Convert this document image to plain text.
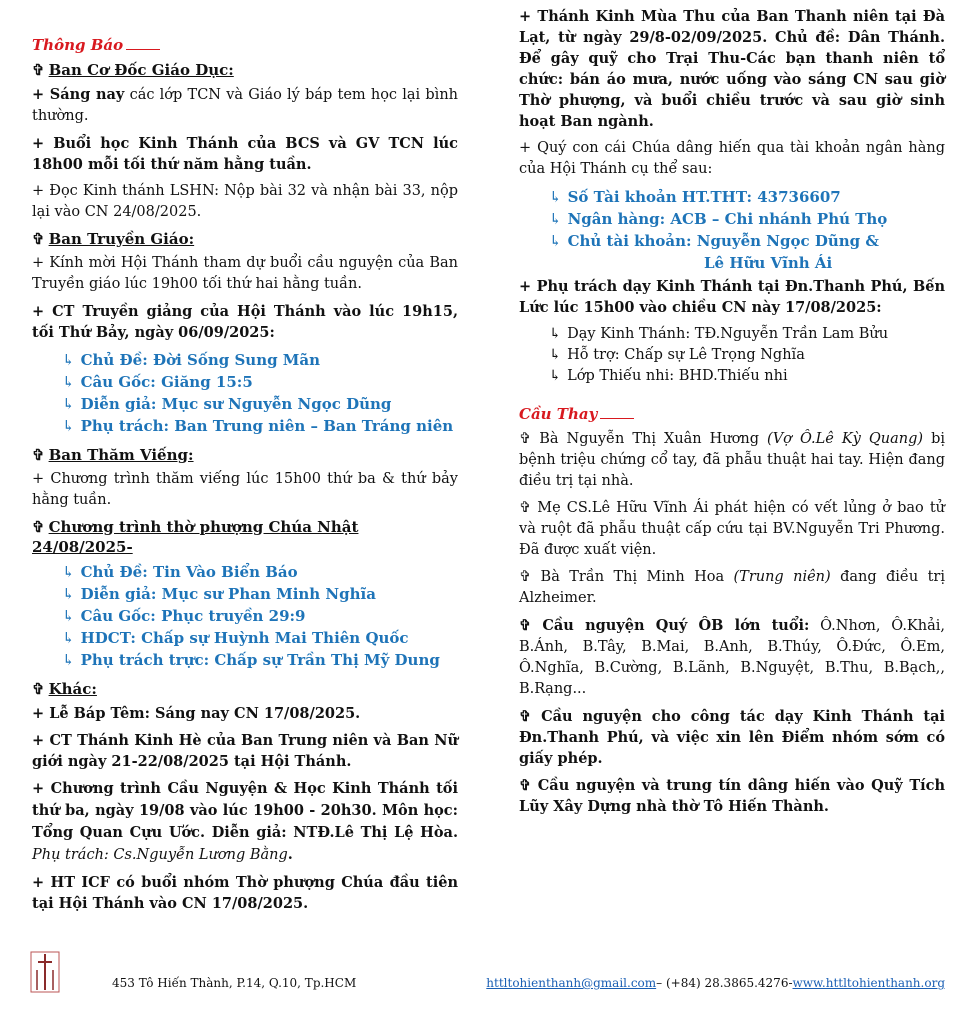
Thông Báo
✞ Ban Cơ Đốc Giáo Dục:

+ Sáng nay các lớp TCN và Giáo lý báp tem học lại bình thường.

+ Buổi học Kinh Thánh của BCS và GV TCN lúc 18h00 mỗi tối thứ năm hằng tuần.

+ Đọc Kinh thánh LSHN: Nộp bài 32 và nhận bài 33, nộp lại vào CN 24/08/2025.

✞ Ban Truyền Giáo:

+ Kính mời Hội Thánh tham dự buổi cầu nguyện của Ban Truyền giáo lúc 19h00 tối thứ hai hằng tuần.

+ CT Truyền giảng của Hội Thánh vào lúc 19h15, tối Thứ Bảy, ngày 06/09/2025:

↳ Chủ Đề: Đời Sống Sung Mãn
↳ Câu Gốc: Giăng 15:5
↳ Diễn giả: Mục sư Nguyễn Ngọc Dũng
↳ Phụ trách: Ban Trung niên – Ban Tráng niên
✞ Ban Thăm Viếng:

+ Chương trình thăm viếng lúc 15h00 thứ ba & thứ bảy hằng tuần.

✞ Chương trình thờ phượng Chúa Nhật 24/08/2025-
↳ Chủ Đề: Tin Vào Biển Báo
↳ Diễn giả: Mục sư Phan Minh Nghĩa
↳ Câu Gốc: Phục truyền 29:9
↳ HDCT: Chấp sự Huỳnh Mai Thiên Quốc
↳ Phụ trách trực: Chấp sự Trần Thị Mỹ Dung
✞ Khác:

+ Lễ Báp Têm: Sáng nay CN 17/08/2025.

+ CT Thánh Kinh Hè của Ban Trung niên và Ban Nữ giới ngày 21-22/08/2025 tại Hội Thánh.

+ Chương trình Cầu Nguyện & Học Kinh Thánh tối thứ ba, ngày 19/08 vào lúc 19h00 - 20h30. Môn học: Tổng Quan Cựu Ước. Diễn giả: NTĐ.Lê Thị Lệ Hòa. Phụ trách: Cs.Nguyễn Lương Bằng.

+ HT ICF có buổi nhóm Thờ phượng Chúa đầu tiên tại Hội Thánh vào CN 17/08/2025.

+ Thánh Kinh Mùa Thu của Ban Thanh niên tại Đà Lạt, từ ngày 29/8-02/09/2025. Chủ đề: Dân Thánh. Để gây quỹ cho Trại Thu-Các bạn thanh niên tổ chức: bán áo mưa, nước uống vào sáng CN sau giờ Thờ phượng, và buổi chiều trước và sau giờ sinh hoạt Ban ngành.

+ Quý con cái Chúa dâng hiến qua tài khoản ngân hàng của Hội Thánh cụ thể sau:

↳ Số Tài khoản HT.THT: 43736607
↳ Ngân hàng: ACB – Chi nhánh Phú Thọ
↳ Chủ tài khoản: Nguyễn Ngọc Dũng &
Lê Hữu Vĩnh Ái

+ Phụ trách dạy Kinh Thánh tại Đn.Thanh Phú, Bến Lức lúc 15h00 vào chiều CN này 17/08/2025:

↳ Dạy Kinh Thánh: TĐ.Nguyễn Trần Lam Bửu
↳ Hỗ trợ: Chấp sự Lê Trọng Nghĩa
↳ Lớp Thiếu nhi: BHD.Thiếu nhi
Cầu Thay

✞ Bà Nguyễn Thị Xuân Hương (Vợ Ô.Lê Kỳ Quang) bị bệnh triệu chứng cổ tay, đã phẫu thuật hai tay. Hiện đang điều trị tại nhà.

✞ Mẹ CS.Lê Hữu Vĩnh Ái phát hiện có vết lủng ở bao tử và ruột đã phẫu thuật cấp cứu tại BV.Nguyễn Tri Phương. Đã được xuất viện.

✞ Bà Trần Thị Minh Hoa (Trung niên) đang điều trị Alzheimer.

✞ Cầu nguyện Quý ÔB lớn tuổi: Ô.Nhơn, Ô.Khải, B.Ánh, B.Tây, B.Mai, B.Anh, B.Thúy, Ô.Đức, Ô.Em, Ô.Nghĩa, B.Cường, B.Lãnh, B.Nguyệt, B.Thu, B.Bạch,, B.Rạng...

✞ Cầu nguyện cho công tác dạy Kinh Thánh tại Đn.Thanh Phú, và việc xin lên Điểm nhóm sớm có giấy phép.

✞ Cầu nguyện và trung tín dâng hiến vào Quỹ Tích Lũy Xây Dựng nhà thờ Tô Hiến Thành.

453 Tô Hiến Thành, P.14, Q.10, Tp.HCM	httltohienthanh@gmail.com– (+84) 28.3865.4276-www.httltohienthanh.org
